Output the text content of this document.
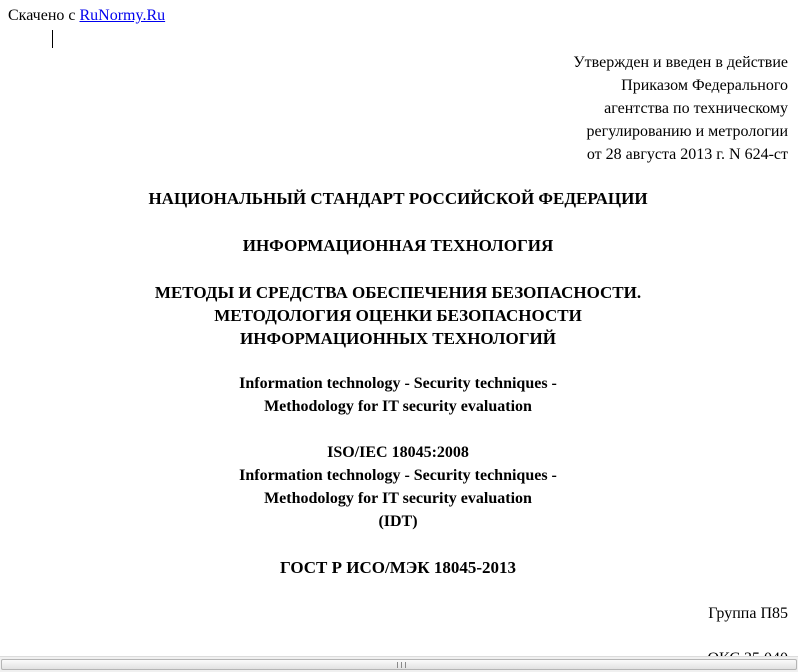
Скачено с RuNormy.Ru
Утвержден и введен в действие
Приказом Федерального
агентства по техническому
регулированию и метрологии
от 28 августа 2013 г. N 624-ст
НАЦИОНАЛЬНЫЙ СТАНДАРТ РОССИЙСКОЙ ФЕДЕРАЦИИ
ИНФОРМАЦИОННАЯ ТЕХНОЛОГИЯ
МЕТОДЫ И СРЕДСТВА ОБЕСПЕЧЕНИЯ БЕЗОПАСНОСТИ.
МЕТОДОЛОГИЯ ОЦЕНКИ БЕЗОПАСНОСТИ
ИНФОРМАЦИОННЫХ ТЕХНОЛОГИЙ
Information technology - Security techniques -
Methodology for IT security evaluation
ISO/IEC 18045:2008
Information technology - Security techniques -
Methodology for IT security evaluation
(IDT)
ГОСТ Р ИСО/МЭК 18045-2013
Группа П85
